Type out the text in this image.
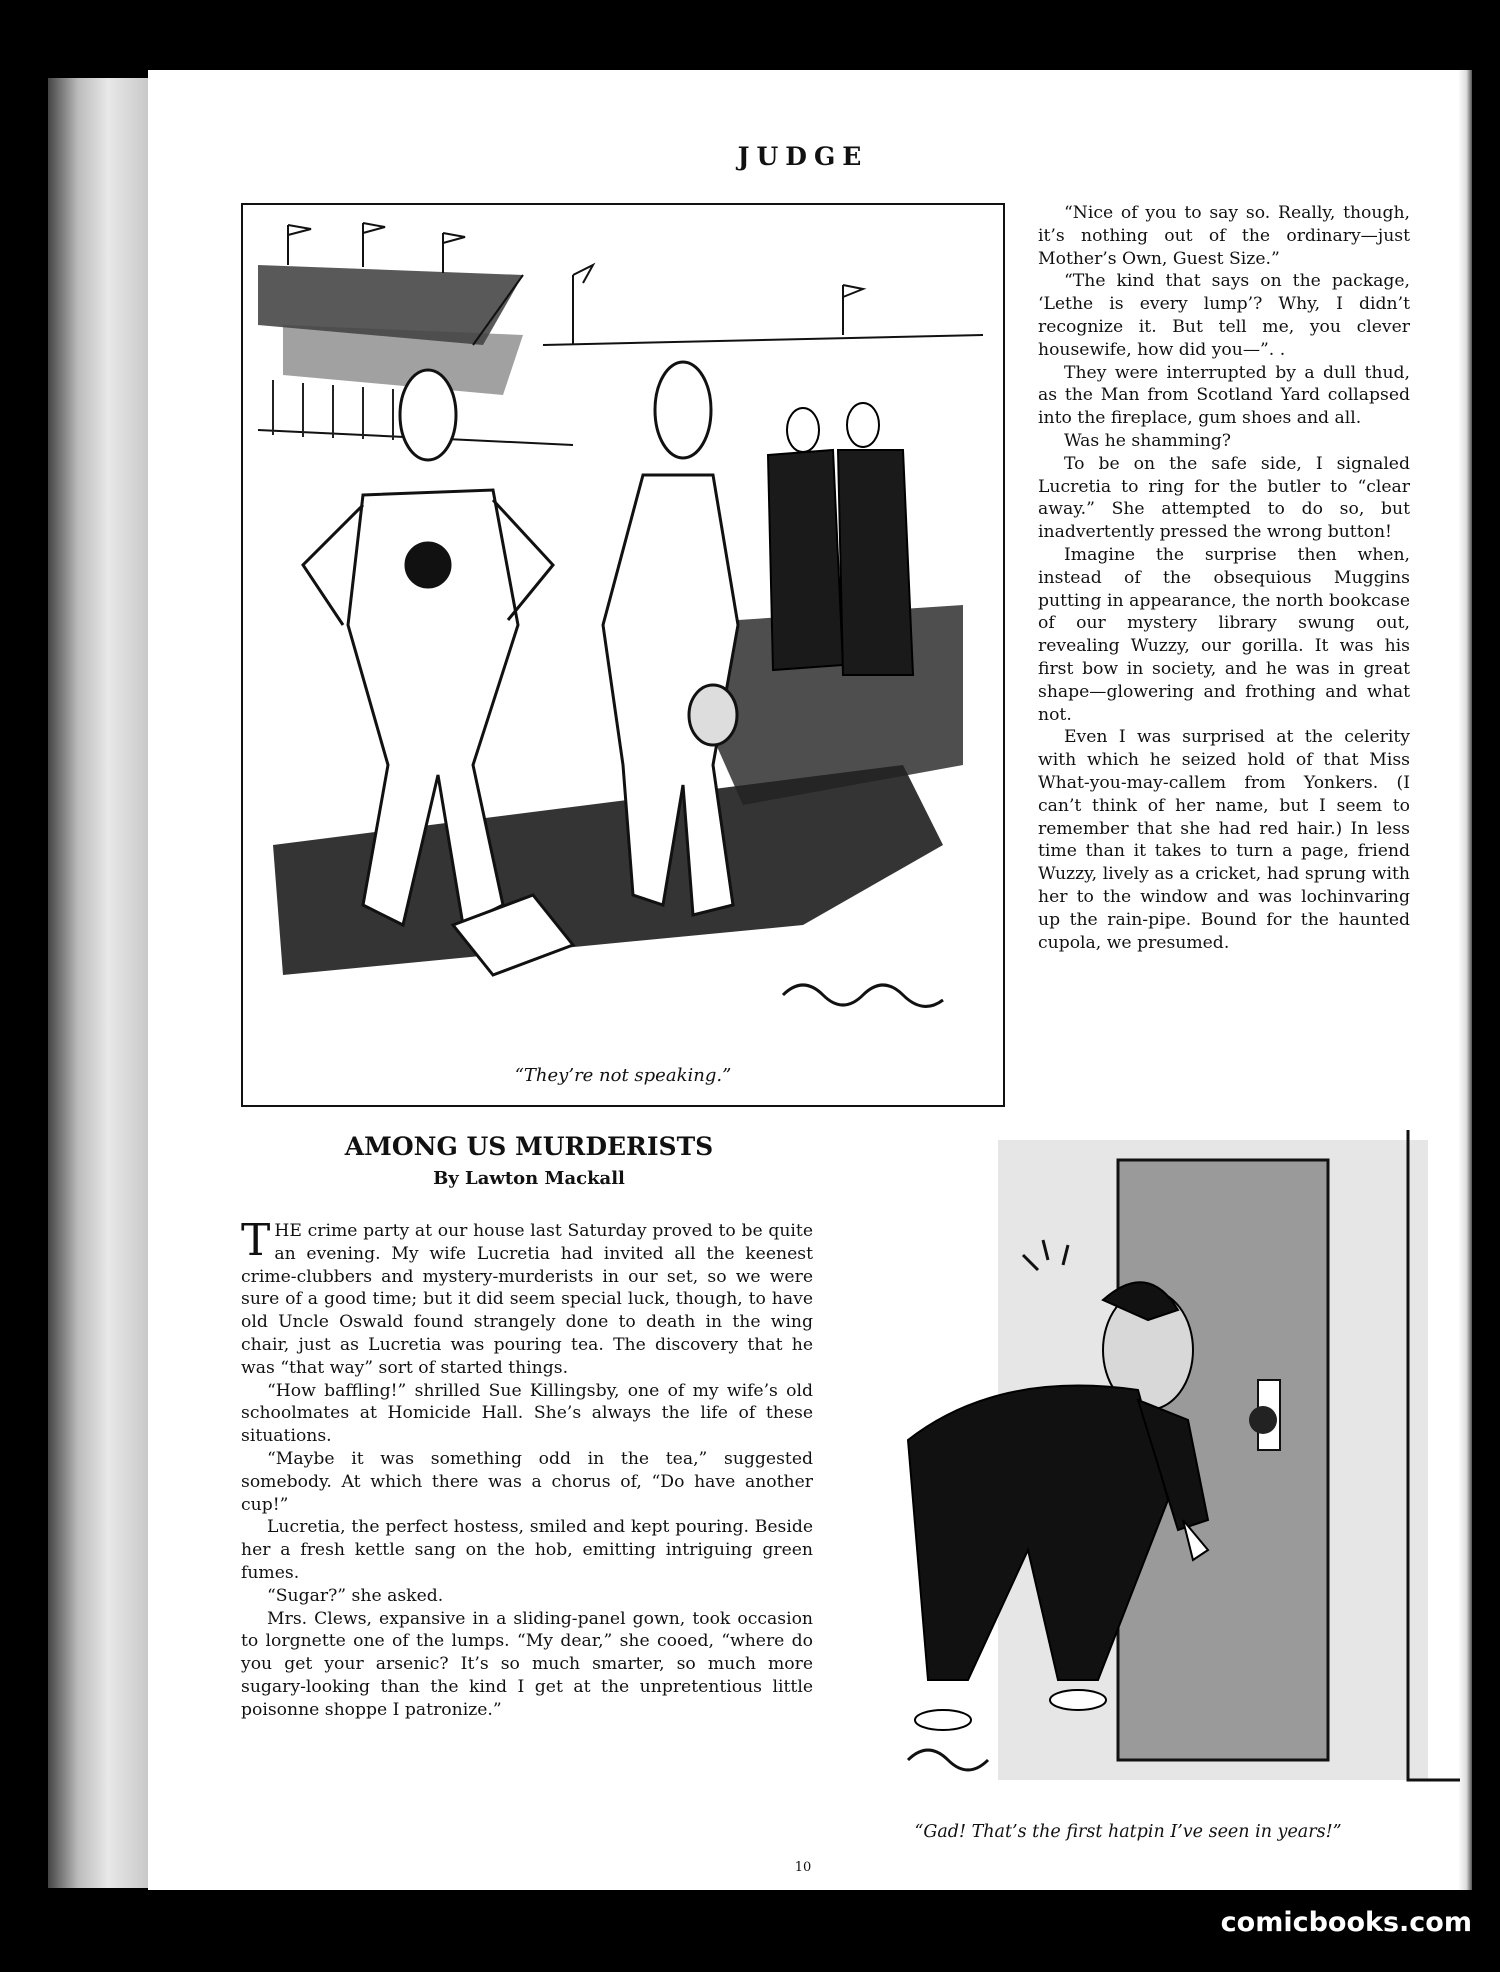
JUDGE
“They’re not speaking.”

“Nice of you to say so. Really, though, it’s nothing out of the ordinary—just Mother’s Own, Guest Size.”

“The kind that says on the package, ‘Lethe is every lump’? Why, I didn’t recognize it. But tell me, you clever housewife, how did you—”. .

They were interrupted by a dull thud, as the Man from Scotland Yard collapsed into the fireplace, gum shoes and all.

Was he shamming?

To be on the safe side, I signaled Lucretia to ring for the butler to “clear away.” She attempted to do so, but inadvertently pressed the wrong button!

Imagine the surprise then when, instead of the obsequious Muggins putting in appearance, the north bookcase of our mystery library swung out, revealing Wuzzy, our gorilla. It was his first bow in society, and he was in great shape—glowering and frothing and what not.

Even I was surprised at the celerity with which he seized hold of that Miss What-you-may-callem from Yonkers. (I can’t think of her name, but I seem to remember that she had red hair.) In less time than it takes to turn a page, friend Wuzzy, lively as a cricket, had sprung with her to the window and was lochinvaring up the rain-pipe. Bound for the haunted cupola, we presumed.

AMONG US MURDERISTS
By Lawton Mackall

THE crime party at our house last Saturday proved to be quite an evening. My wife Lucretia had invited all the keenest crime-clubbers and mystery-murderists in our set, so we were sure of a good time; but it did seem special luck, though, to have old Uncle Oswald found strangely done to death in the wing chair, just as Lucretia was pouring tea. The discovery that he was “that way” sort of started things.

“How baffling!” shrilled Sue Killingsby, one of my wife’s old schoolmates at Homicide Hall. She’s always the life of these situations.

“Maybe it was something odd in the tea,” suggested somebody. At which there was a chorus of, “Do have another cup!”

Lucretia, the perfect hostess, smiled and kept pouring. Beside her a fresh kettle sang on the hob, emitting intriguing green fumes.

“Sugar?” she asked.

Mrs. Clews, expansive in a sliding-panel gown, took occasion to lorgnette one of the lumps. “My dear,” she cooed, “where do you get your arsenic? It’s so much smarter, so much more sugary-looking than the kind I get at the unpretentious little poisonne shoppe I patronize.”

“Gad! That’s the first hatpin I’ve seen in years!”
10
comicbooks.com
